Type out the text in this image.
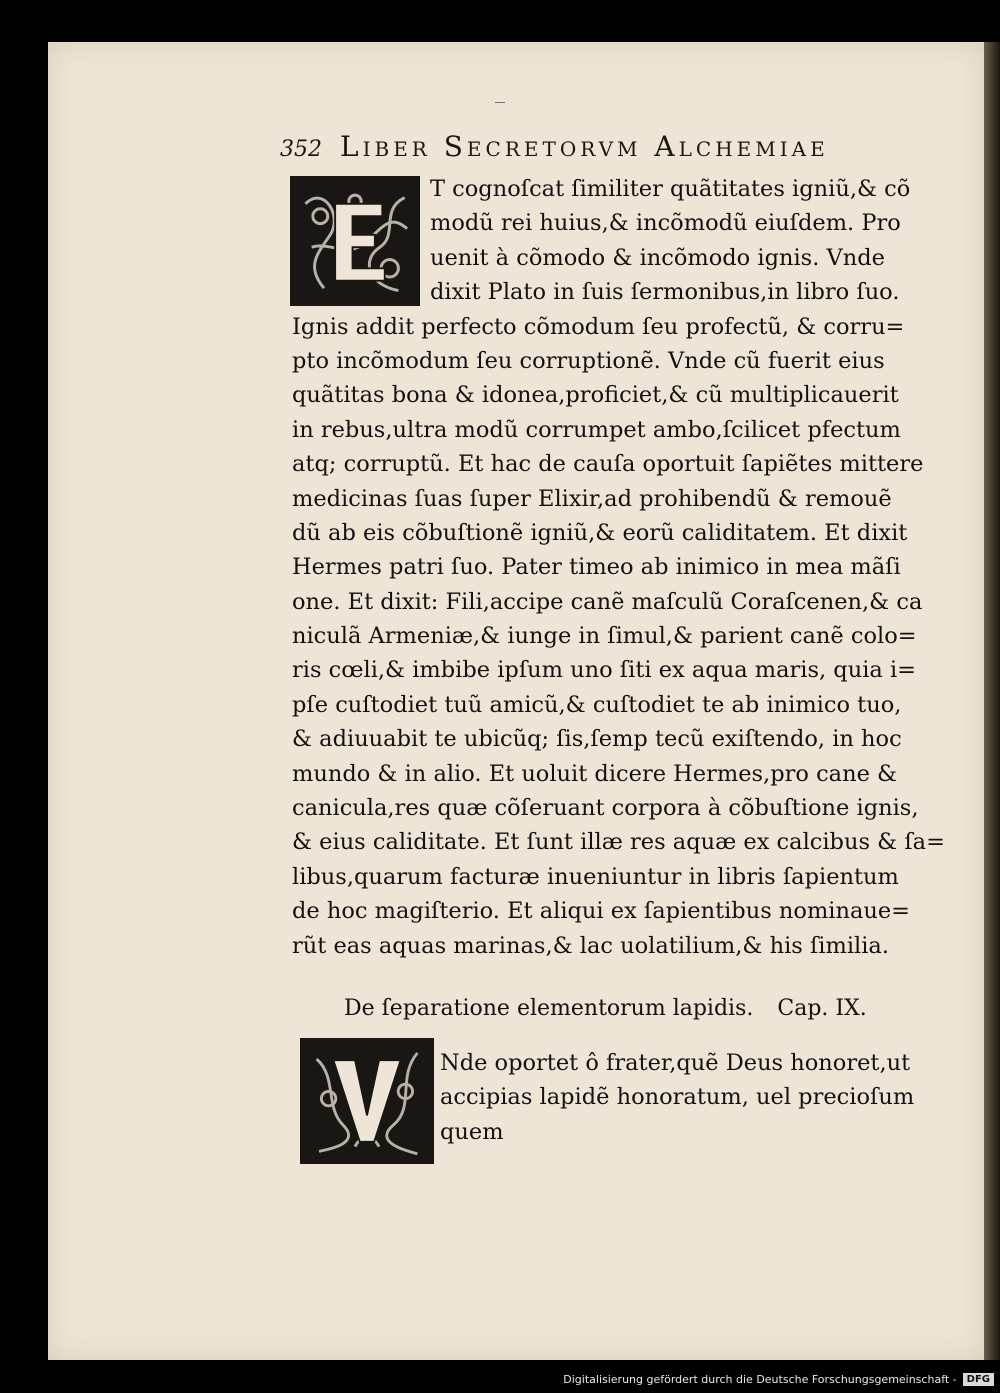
352 Liber Secretorvm Alchemiae
T cognoſcat ſimiliter quãtitates igniũ,& cõ
modũ rei huius,& incõmodũ eiuſdem. Pro
uenit à cõmodo & incõmodo ignis. Vnde
dixit Plato in ſuis ſermonibus,in libro ſuo.
Ignis addit perfecto cõmodum ſeu profectũ, & corru=
pto incõmodum ſeu corruptionẽ. Vnde cũ fuerit eius
quãtitas bona & idonea,proficiet,& cũ multiplicauerit
in rebus,ultra modũ corrumpet ambo,ſcilicet pfectum
atq; corruptũ. Et hac de cauſa oportuit ſapiẽtes mittere
medicinas ſuas ſuper Elixir,ad prohibendũ & remouẽ
dũ ab eis cõbuſtionẽ igniũ,& eorũ caliditatem. Et dixit
Hermes patri ſuo. Pater timeo ab inimico in mea mãſi
one. Et dixit: Fili,accipe canẽ maſculũ Coraſcenen,& ca
niculã Armeniæ,& iunge in ſimul,& parient canẽ colo=
ris cœli,& imbibe ipſum uno ſiti ex aqua maris, quia i=
pſe cuſtodiet tuũ amicũ,& cuſtodiet te ab inimico tuo,
& adiuuabit te ubicũq; ſis,ſemp tecũ exiſtendo, in hoc
mundo & in alio. Et uoluit dicere Hermes,pro cane &
canicula,res quæ cõſeruant corpora à cõbuſtione ignis,
& eius caliditate. Et ſunt illæ res aquæ ex calcibus & ſa=
libus,quarum facturæ inueniuntur in libris ſapientum
de hoc magiſterio. Et aliqui ex ſapientibus nominaue=
rũt eas aquas marinas,& lac uolatilium,& his ſimilia.
De ſeparatione elementorum lapidis. Cap. IX.
Nde oportet ô frater,quẽ Deus honoret,ut
accipias lapidẽ honoratum, uel precioſum
quem
Digitalisierung gefördert durch die Deutsche Forschungsgemeinschaft -	DFG
